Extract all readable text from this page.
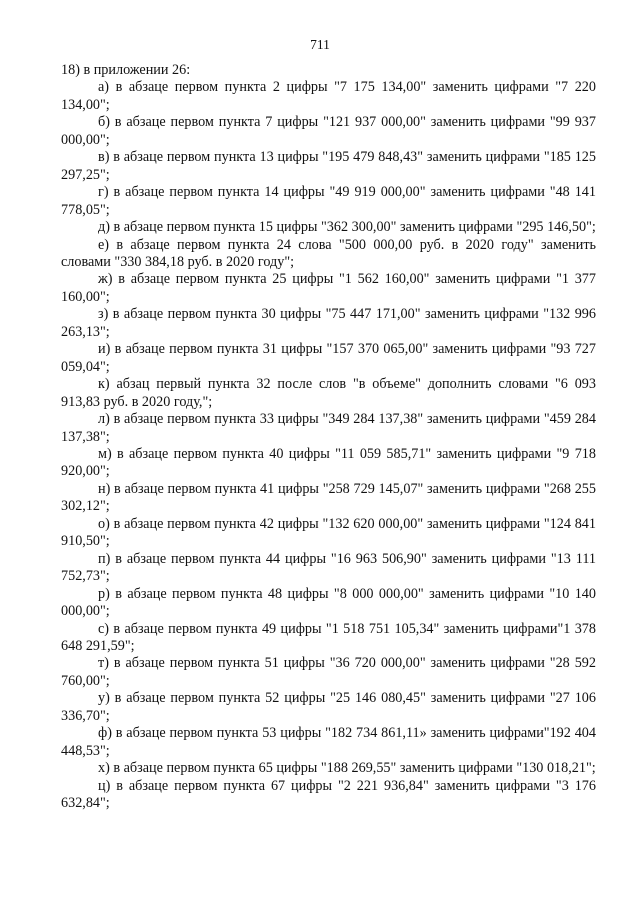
711

18) в приложении 26:

а) в абзаце первом пункта 2 цифры "7 175 134,00" заменить цифрами "7 220 134,00";

б) в абзаце первом пункта 7 цифры "121 937 000,00" заменить цифрами "99 937 000,00";

в) в абзаце первом пункта 13 цифры "195 479 848,43" заменить цифрами "185 125 297,25";

г) в абзаце первом пункта 14 цифры "49 919 000,00" заменить цифрами "48 141 778,05";

д) в абзаце первом пункта 15 цифры "362 300,00" заменить цифрами "295 146,50";

е) в абзаце первом пункта 24 слова "500 000,00 руб. в 2020 году" заменить словами "330 384,18 руб. в 2020 году";

ж) в абзаце первом пункта 25 цифры "1 562 160,00" заменить цифрами "1 377 160,00";

з) в абзаце первом пункта 30 цифры "75 447 171,00" заменить цифрами "132 996 263,13";

и) в абзаце первом пункта 31 цифры "157 370 065,00" заменить цифрами "93 727 059,04";

к) абзац первый пункта 32 после слов "в объеме" дополнить словами "6 093 913,83 руб. в 2020 году,";

л) в абзаце первом пункта 33 цифры "349 284 137,38" заменить цифрами "459 284 137,38";

м) в абзаце первом пункта 40 цифры "11 059 585,71" заменить цифрами "9 718 920,00";

н) в абзаце первом пункта 41 цифры "258 729 145,07" заменить цифрами "268 255 302,12";

о) в абзаце первом пункта 42 цифры "132 620 000,00" заменить цифрами "124 841 910,50";

п) в абзаце первом пункта 44 цифры "16 963 506,90" заменить цифрами "13 111 752,73";

р) в абзаце первом пункта 48 цифры "8 000 000,00" заменить цифрами "10 140 000,00";

с) в абзаце первом пункта 49 цифры "1 518 751 105,34" заменить цифрами"1 378 648 291,59";

т) в абзаце первом пункта 51 цифры "36 720 000,00" заменить цифрами "28 592 760,00";

у) в абзаце первом пункта 52 цифры "25 146 080,45" заменить цифрами "27 106 336,70";

ф) в абзаце первом пункта 53 цифры "182 734 861,11» заменить цифрами"192 404 448,53";

х) в абзаце первом пункта 65 цифры "188 269,55" заменить цифрами "130 018,21";

ц) в абзаце первом пункта 67 цифры "2 221 936,84" заменить цифрами "3 176 632,84";
